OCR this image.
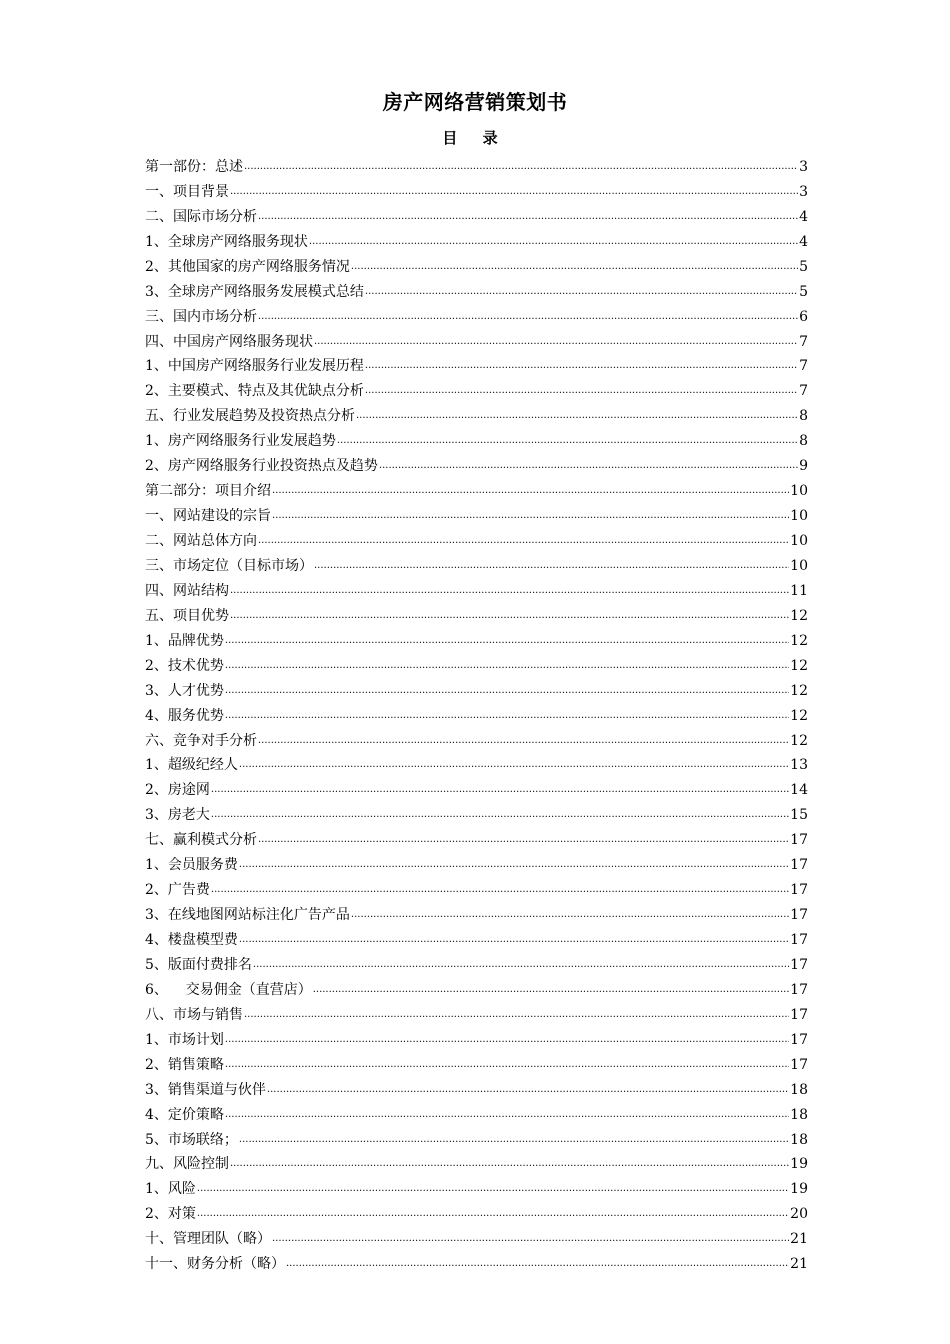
房产网络营销策划书
目 录
第一部份：总述 .....	3
一、项目背景 .....	3
二、国际市场分析 .....	4
1、全球房产网络服务现状 .....	4
2、其他国家的房产网络服务情况 .....	5
3、全球房产网络服务发展模式总结 .....	5
三、国内市场分析 .....	6
四、中国房产网络服务现状 .....	7
1、中国房产网络服务行业发展历程 .....	7
2、主要模式、特点及其优缺点分析 .....	7
五、行业发展趋势及投资热点分析 .....	8
1、房产网络服务行业发展趋势 .....	8
2、房产网络服务行业投资热点及趋势 .....	9
第二部分：项目介绍 .....	10
一、网站建设的宗旨 .....	10
二、网站总体方向 .....	10
三、市场定位（目标市场） .....	10
四、网站结构 .....	11
五、项目优势 .....	12
1、品牌优势 .....	12
2、技术优势 .....	12
3、人才优势 .....	12
4、服务优势 .....	12
六、竞争对手分析 .....	12
1、超级纪经人 .....	13
2、房途网 .....	14
3、房老大 .....	15
七、赢利模式分析 .....	17
1、会员服务费 .....	17
2、广告费 .....	17
3、在线地图网站标注化广告产品 .....	17
4、楼盘模型费 .....	17
5、版面付费排名 .....	17
6、    交易佣金（直营店） .....	17
八、市场与销售 .....	17
1、市场计划 .....	17
2、销售策略 .....	17
3、销售渠道与伙伴 .....	18
4、定价策略 .....	18
5、市场联络； .....	18
九、风险控制 .....	19
1、风险 .....	19
2、对策 .....	20
十、管理团队（略） .....	21
十一、财务分析（略） .....	21
